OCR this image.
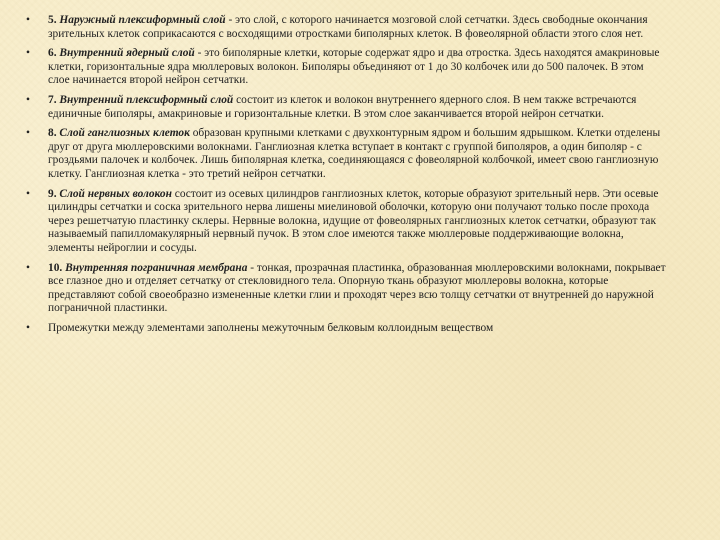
• 5. Наружный плексиформный слой - это слой, с которого начинается мозговой слой сетчатки. Здесь свободные окончания зрительных клеток соприкасаются с восходящими отростками биполярных клеток. В фовеолярной области этого слоя нет.
• 6. Внутренний ядерный слой - это биполярные клетки, которые содержат ядро и два отростка. Здесь находятся амакриновые клетки, горизонтальные ядра мюллеровых волокон. Биполяры объединяют от 1 до 30 колбочек или до 500 палочек. В этом слое начинается второй нейрон сетчатки.
• 7. Внутренний плексиформный слой состоит из клеток и волокон внутреннего ядерного слоя. В нем также встречаются единичные биполяры, амакриновые и горизонтальные клетки. В этом слое заканчивается второй нейрон сетчатки.
• 8. Слой ганглиозных клеток образован крупными клетками с двухконтурным ядром и большим ядрышком. Клетки отделены друг от друга мюллеровскими волокнами. Ганглиозная клетка вступает в контакт с группой биполяров, а один биполяр - с гроздьями палочек и колбочек. Лишь биполярная клетка, соединяющаяся с фовеолярной колбочкой, имеет свою ганглиозную клетку. Ганглиозная клетка - это третий нейрон сетчатки.
• 9. Слой нервных волокон состоит из осевых цилиндров ганглиозных клеток, которые образуют зрительный нерв. Эти осевые цилиндры сетчатки и соска зрительного нерва лишены миелиновой оболочки, которую они получают только после прохода через решетчатую пластинку склеры. Нервные волокна, идущие от фовеолярных ганглиозных клеток сетчатки, образуют так называемый папилломакулярный нервный пучок. В этом слое имеются также мюллеровые поддерживающие волокна, элементы нейроглии и сосуды.
• 10. Внутренняя пограничная мембрана - тонкая, прозрачная пластинка, образованная мюллеровскими волокнами, покрывает все глазное дно и отделяет сетчатку от стекловидного тела. Опорную ткань образуют мюллеровы волокна, которые представляют собой своеобразно измененные клетки глии и проходят через всю толщу сетчатки от внутренней до наружной пограничной пластинки.
• Промежутки между элементами заполнены межуточным белковым коллоидным веществом
